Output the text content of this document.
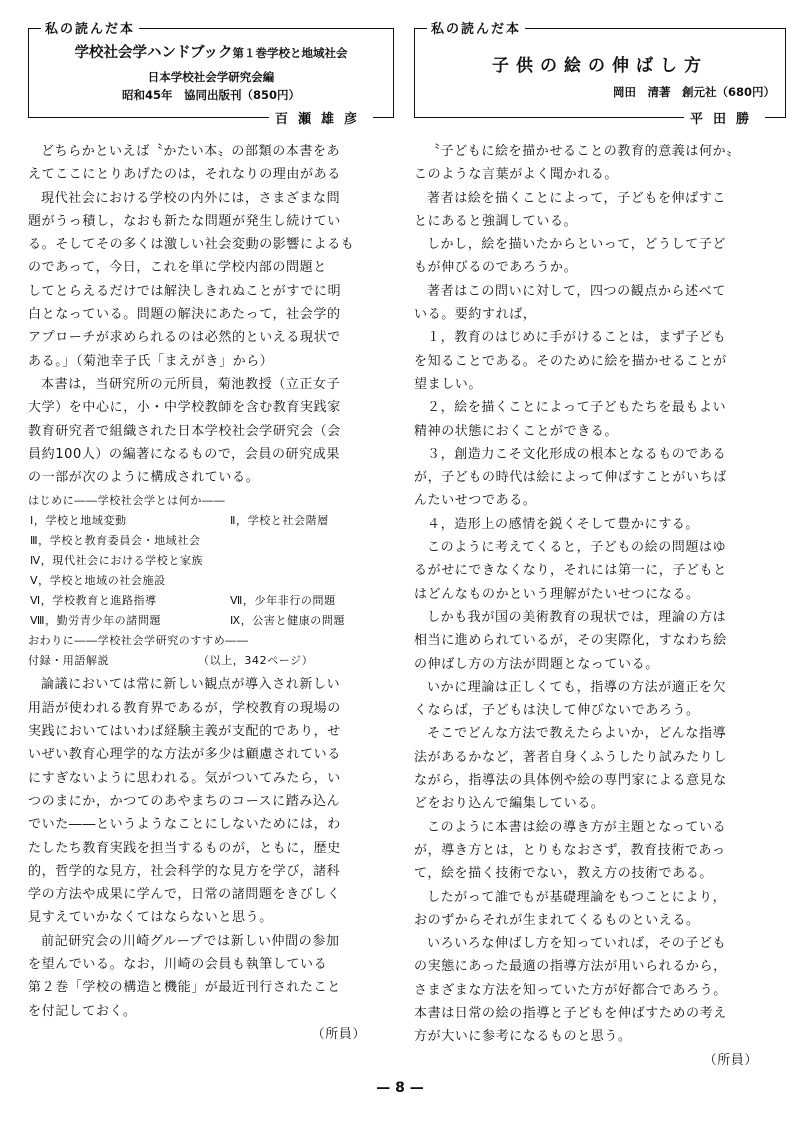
私の読んだ本
学校社会学ハンドブック第１巻学校と地域社会
日本学校社会学研究会編
昭和45年　協同出版刊（850円）
百瀬雄彦
どちらかといえば〝かたい本〟の部類の本書をあ
えてここにとりあげたのは，それなりの理由がある
現代社会における学校の内外には，さまざまな問
題がうっ積し，なおも新たな問題が発生し続けてい
る。そしてその多くは激しい社会変動の影響によるも
のであって，今日，これを単に学校内部の問題と
してとらえるだけでは解決しきれぬことがすでに明
白となっている。問題の解決にあたって，社会学的
アプローチが求められるのは必然的といえる現状で
ある。」（菊池幸子氏「まえがき」から）
本書は，当研究所の元所員，菊池教授（立正女子
大学）を中心に，小・中学校教師を含む教育実践家
教育研究者で組織された日本学校社会学研究会（会
員約100人）の編著になるもので，会員の研究成果
の一部が次のように構成されている。
はじめに――学校社会学とは何か――
Ⅰ，学校と地域変動	Ⅱ，学校と社会階層
Ⅲ，学校と教育委員会・地域社会
Ⅳ，現代社会における学校と家族
Ⅴ，学校と地域の社会施設
Ⅵ，学校教育と進路指導	Ⅶ，少年非行の問題
Ⅷ，勤労青少年の諸問題	Ⅸ，公害と健康の問題
おわりに――学校社会学研究のすすめ――
付録・用語解説	（以上，342ページ）
論議においては常に新しい観点が導入され新しい
用語が使われる教育界であるが，学校教育の現場の
実践においてはいわば経験主義が支配的であり，せ
いぜい教育心理学的な方法が多少は顧慮されている
にすぎないように思われる。気がついてみたら，い
つのまにか，かつてのあやまちのコースに踏み込ん
でいた――というようなことにしないためには，わ
たしたち教育実践を担当するものが，ともに，歴史
的，哲学的な見方，社会科学的な見方を学び，諸科
学の方法や成果に学んで，日常の諸問題をきびしく
見すえていかなくてはならないと思う。
前記研究会の川崎グループでは新しい仲間の参加
を望んでいる。なお，川崎の会員も執筆している
第２巻「学校の構造と機能」が最近刊行されたこと
を付記しておく。
（所員）
私の読んだ本
子供の絵の伸ばし方
岡田　清著　創元社（680円）
平田勝
〝子どもに絵を描かせることの教育的意義は何か〟
このような言葉がよく聞かれる。
著者は絵を描くことによって，子どもを伸ばすこ
とにあると強調している。
しかし，絵を描いたからといって，どうして子ど
もが伸びるのであろうか。
著者はこの問いに対して，四つの観点から述べて
いる。要約すれば，
１，教育のはじめに手がけることは，まず子ども
を知ることである。そのために絵を描かせることが
望ましい。
２，絵を描くことによって子どもたちを最もよい
精神の状態におくことができる。
３，創造力こそ文化形成の根本となるものである
が，子どもの時代は絵によって伸ばすことがいちば
んたいせつである。
４，造形上の感情を鋭くそして豊かにする。
このように考えてくると，子どもの絵の問題はゆ
るがせにできなくなり，それには第一に，子どもと
はどんなものかという理解がたいせつになる。
しかも我が国の美術教育の現状では，理論の方は
相当に進められているが，その実際化，すなわち絵
の伸ばし方の方法が問題となっている。
いかに理論は正しくても，指導の方法が適正を欠
くならば，子どもは決して伸びないであろう。
そこでどんな方法で教えたらよいか，どんな指導
法があるかなど，著者自身くふうしたり試みたりし
ながら，指導法の具体例や絵の専門家による意見な
どをおり込んで編集している。
このように本書は絵の導き方が主題となっている
が，導き方とは，とりもなおさず，教育技術であっ
て，絵を描く技術でない，教え方の技術である。
したがって誰でもが基礎理論をもつことにより，
おのずからそれが生まれてくるものといえる。
いろいろな伸ばし方を知っていれば，その子ども
の実態にあった最適の指導方法が用いられるから，
さまざまな方法を知っていた方が好都合であろう。
本書は日常の絵の指導と子どもを伸ばすための考え
方が大いに参考になるものと思う。
（所員）
— 8 —
